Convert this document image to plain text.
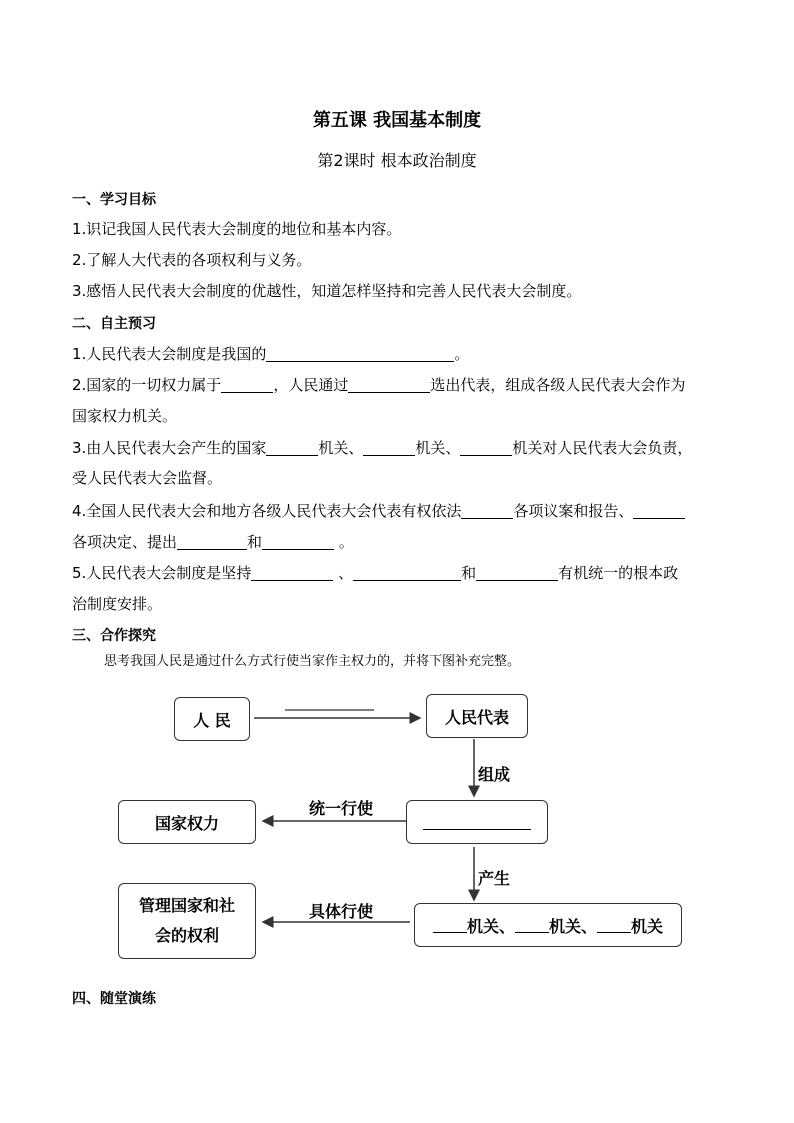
第五课 我国基本制度
第2课时 根本政治制度
一、学习目标
1.识记我国人民代表大会制度的地位和基本内容。
2.了解人大代表的各项权利与义务。
3.感悟人民代表大会制度的优越性，知道怎样坚持和完善人民代表大会制度。
二、自主预习
1.人民代表大会制度是我国的	。
2.国家的一切权力属于	，人民通过	选出代表，组成各级人民代表大会作为
国家权力机关。
3.由人民代表大会产生的国家	机关、	机关、	机关对人民代表大会负责，
受人民代表大会监督。
4.全国人民代表大会和地方各级人民代表大会代表有权依法	各项议案和报告、
各项决定、提出	和	。
5.人民代表大会制度是坚持	、	和	有机统一的根本政
治制度安排。
三、合作探究
思考我国人民是通过什么方式行使当家作主权力的，并将下图补充完整。
人 民	人民代表
组成
国家权力
统一行使
产生
管理国家和社
会的权利
具体行使
机关、 机关、 机关
四、随堂演练
